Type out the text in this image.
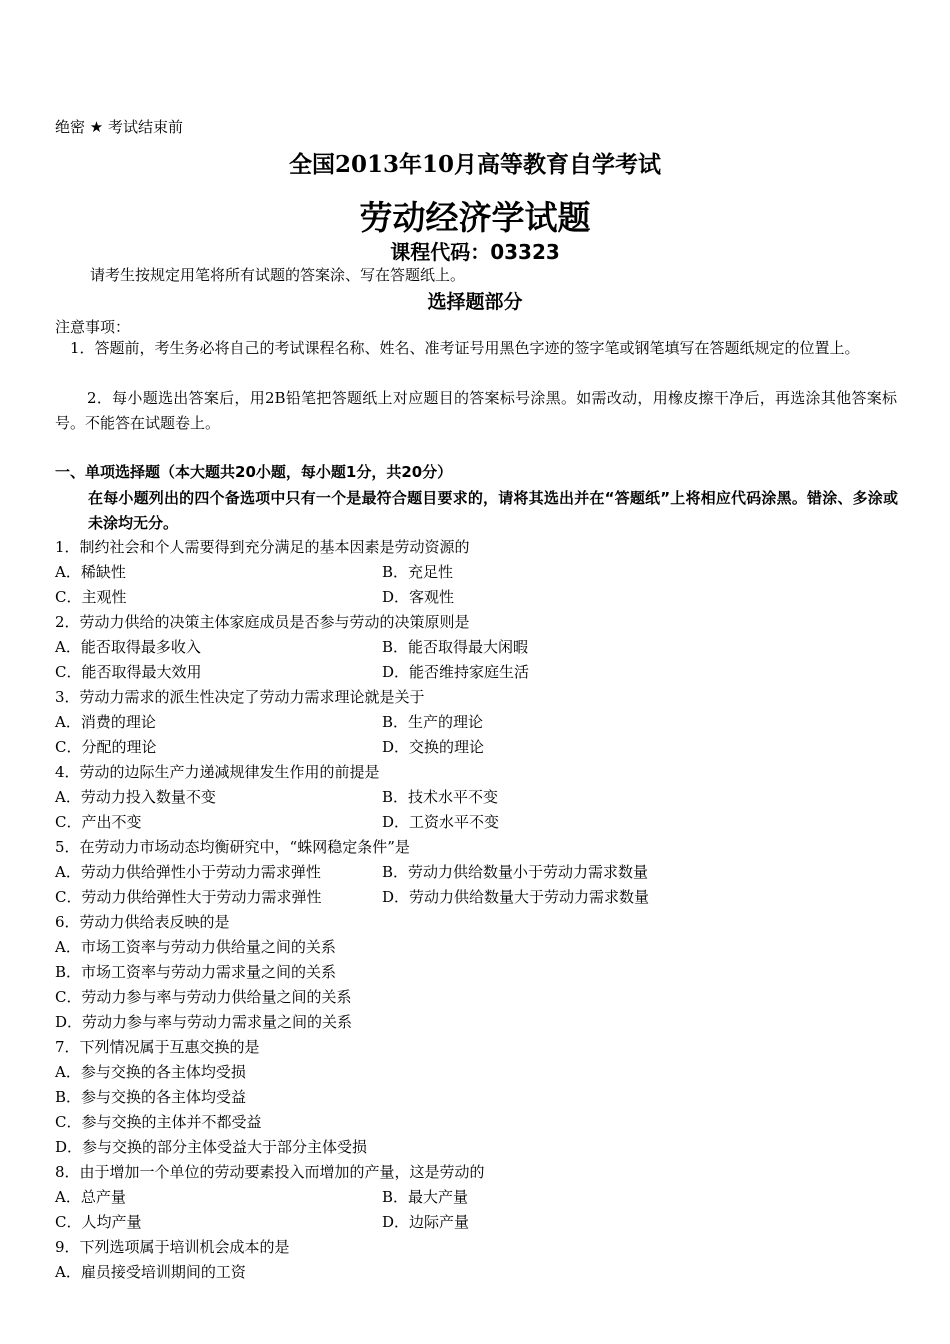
绝密 ★ 考试结束前
全国2013年10月高等教育自学考试
劳动经济学试题
课程代码：03323
请考生按规定用笔将所有试题的答案涂、写在答题纸上。
选择题部分
注意事项：
1．答题前，考生务必将自己的考试课程名称、姓名、准考证号用黑色字迹的签字笔或钢笔填写在答题纸规定的位置上。
2．每小题选出答案后，用2B铅笔把答题纸上对应题目的答案标号涂黑。如需改动，用橡皮擦干净后，再选涂其他答案标号。不能答在试题卷上。
一、单项选择题（本大题共20小题，每小题1分，共20分）
在每小题列出的四个备选项中只有一个是最符合题目要求的，请将其选出并在“答题纸”上将相应代码涂黑。错涂、多涂或未涂均无分。
1．制约社会和个人需要得到充分满足的基本因素是劳动资源的
A．稀缺性	B．充足性
C．主观性	D．客观性
2．劳动力供给的决策主体家庭成员是否参与劳动的决策原则是
A．能否取得最多收入	B．能否取得最大闲暇
C．能否取得最大效用	D．能否维持家庭生活
3．劳动力需求的派生性决定了劳动力需求理论就是关于
A．消费的理论	B．生产的理论
C．分配的理论	D．交换的理论
4．劳动的边际生产力递减规律发生作用的前提是
A．劳动力投入数量不变	B．技术水平不变
C．产出不变	D．工资水平不变
5．在劳动力市场动态均衡研究中，“蛛网稳定条件”是
A．劳动力供给弹性小于劳动力需求弹性	B．劳动力供给数量小于劳动力需求数量
C．劳动力供给弹性大于劳动力需求弹性	D．劳动力供给数量大于劳动力需求数量
6．劳动力供给表反映的是
A．市场工资率与劳动力供给量之间的关系
B．市场工资率与劳动力需求量之间的关系
C．劳动力参与率与劳动力供给量之间的关系
D．劳动力参与率与劳动力需求量之间的关系
7．下列情况属于互惠交换的是
A．参与交换的各主体均受损
B．参与交换的各主体均受益
C．参与交换的主体并不都受益
D．参与交换的部分主体受益大于部分主体受损
8．由于增加一个单位的劳动要素投入而增加的产量，这是劳动的
A．总产量	B．最大产量
C．人均产量	D．边际产量
9．下列选项属于培训机会成本的是
A．雇员接受培训期间的工资
